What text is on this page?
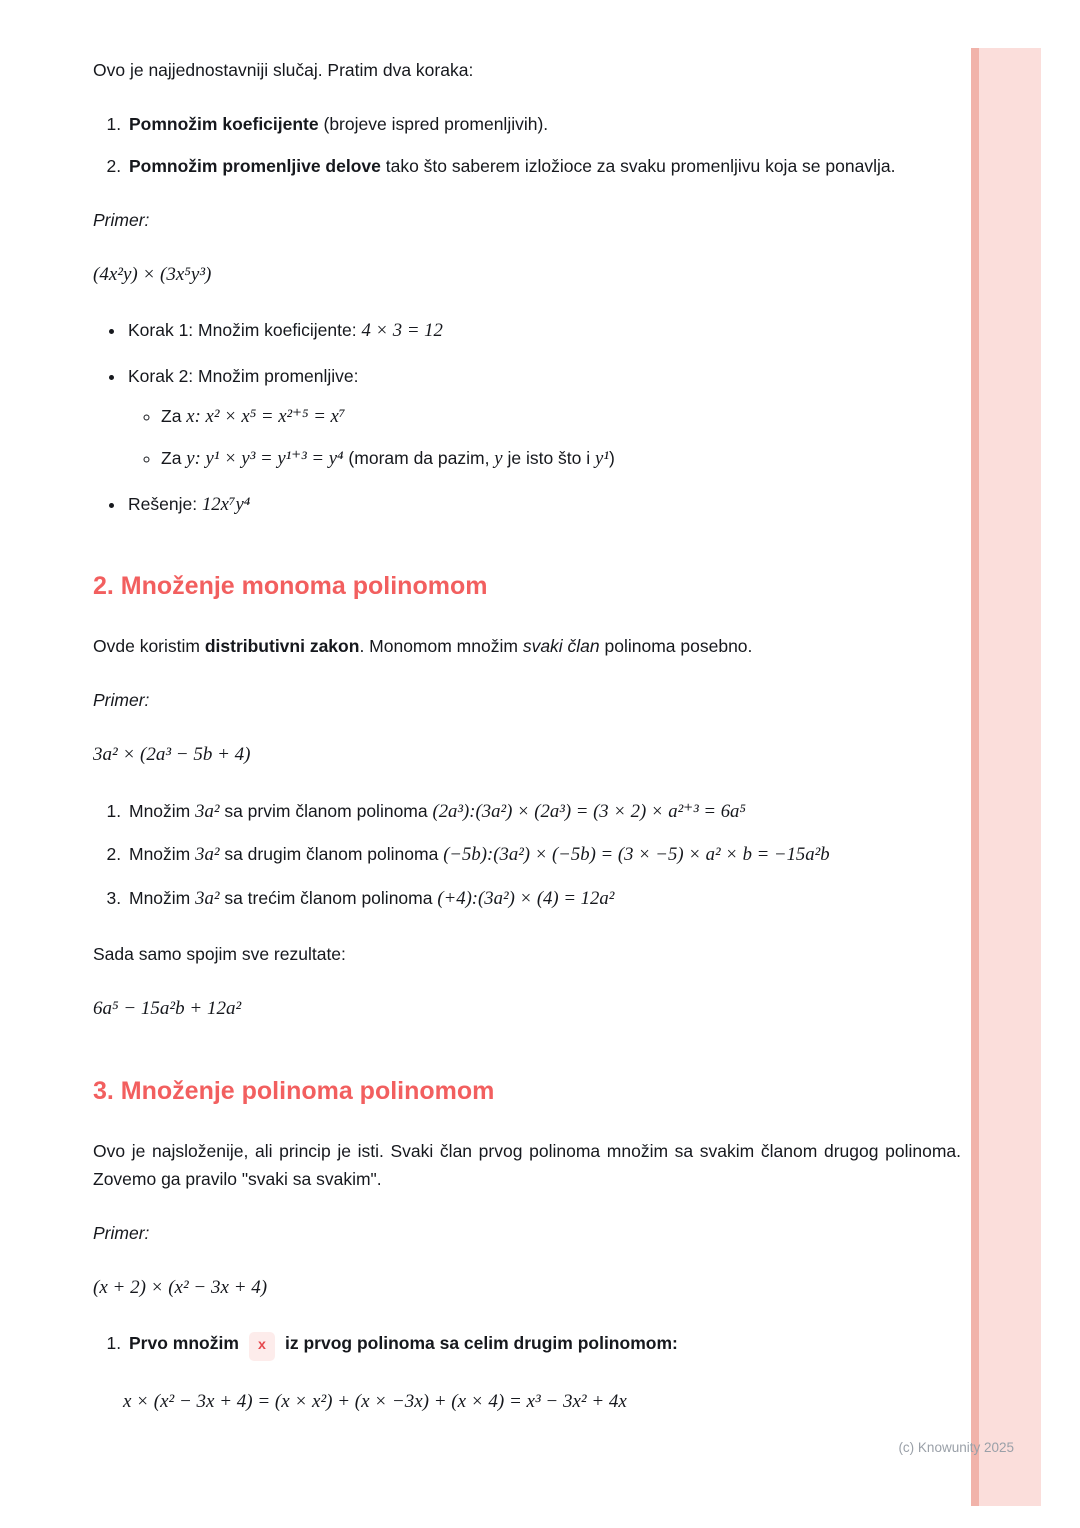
(c) Knowunity 2025

Ovo je najjednostavniji slučaj. Pratim dva koraka:

1. Pomnožim koeficijente (brojeve ispred promenljivih).
2. Pomnožim promenljive delove tako što saberem izložioce za svaku promenljivu koja se ponavlja.

Primer:

(4x²y) × (3x⁵y³)
• Korak 1: Množim koeficijente: 4 × 3 = 12
• Korak 2: Množim promenljive:
◦ Za x: x² × x⁵ = x²⁺⁵ = x⁷
◦ Za y: y¹ × y³ = y¹⁺³ = y⁴ (moram da pazim, y je isto što i y¹)
• Rešenje: 12x⁷y⁴
2. Množenje monoma polinomom

Ovde koristim distributivni zakon. Monomom množim svaki član polinoma posebno.

Primer:

3a² × (2a³ − 5b + 4)
1. Množim 3a² sa prvim članom polinoma (2a³):(3a²) × (2a³) = (3 × 2) × a²⁺³ = 6a⁵
2. Množim 3a² sa drugim članom polinoma (−5b):(3a²) × (−5b) = (3 × −5) × a² × b = −15a²b
3. Množim 3a² sa trećim članom polinoma (+4):(3a²) × (4) = 12a²

Sada samo spojim sve rezultate:

6a⁵ − 15a²b + 12a²
3. Množenje polinoma polinomom

Ovo je najsloženije, ali princip je isti. Svaki član prvog polinoma množim sa svakim članom drugog polinoma. Zovemo ga pravilo "svaki sa svakim".

Primer:

(x + 2) × (x² − 3x + 4)
1. Prvo množim x iz prvog polinoma sa celim drugim polinomom:
x × (x² − 3x + 4) = (x × x²) + (x × −3x) + (x × 4) = x³ − 3x² + 4x
